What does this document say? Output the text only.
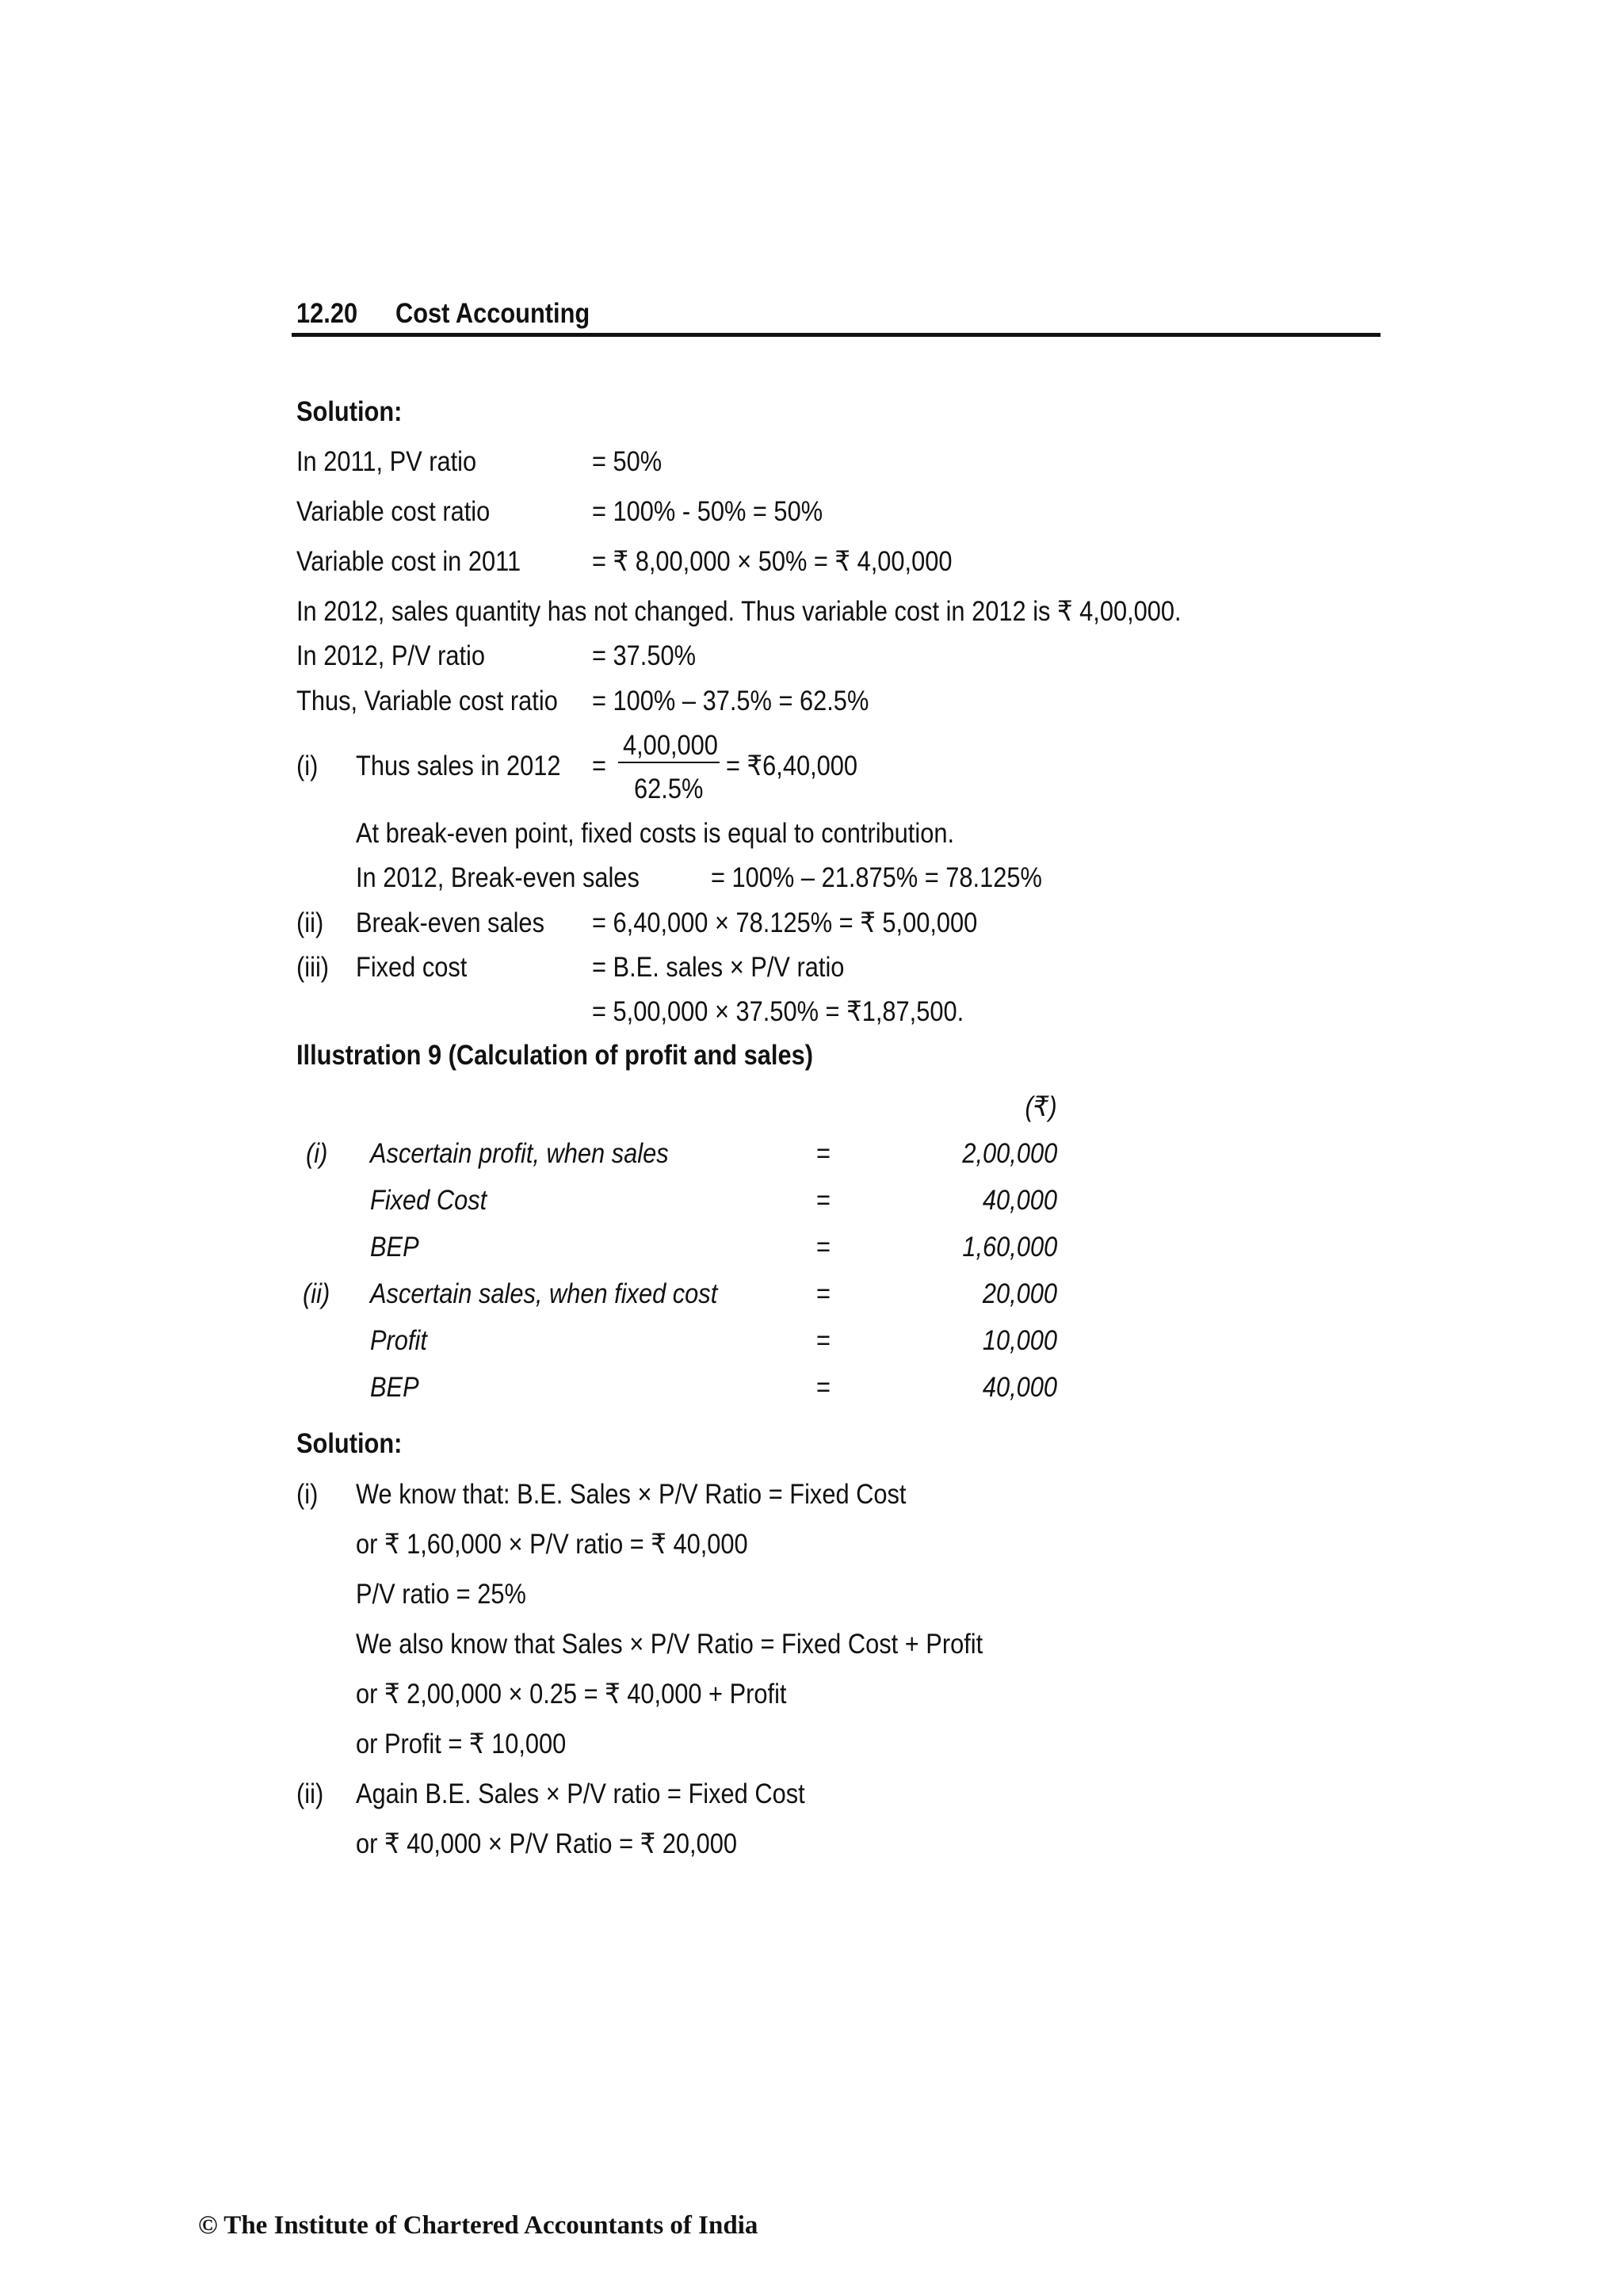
12.20 Cost Accounting
Solution:
In 2011, PV ratio	= 50%
Variable cost ratio	= 100% - 50% = 50%
Variable cost in 2011	= ₹ 8,00,000 × 50% = ₹ 4,00,000
In 2012, sales quantity has not changed. Thus variable cost in 2012 is ₹ 4,00,000.
In 2012, P/V ratio	= 37.50%
Thus, Variable cost ratio = 100% – 37.5% = 62.5%
(i) Thus sales in 2012 =
4,00,000
62.5%
= ₹6,40,000
At break-even point, fixed costs is equal to contribution.
In 2012, Break-even sales	= 100% – 21.875% = 78.125%
(ii) Break-even sales = 6,40,000 × 78.125% = ₹ 5,00,000
(iii) Fixed cost	= B.E. sales × P/V ratio
= 5,00,000 × 37.50% = ₹1,87,500.
Illustration 9 (Calculation of profit and sales)
(₹)
(i) Ascertain profit, when sales	=	2,00,000
Fixed Cost	=	40,000
BEP	=	1,60,000
(ii) Ascertain sales, when fixed cost	=	20,000
Profit	=	10,000
BEP	=	40,000
Solution:
(i) We know that: B.E. Sales × P/V Ratio = Fixed Cost
or ₹ 1,60,000 × P/V ratio = ₹ 40,000
P/V ratio = 25%
We also know that Sales × P/V Ratio = Fixed Cost + Profit
or ₹ 2,00,000 × 0.25 = ₹ 40,000 + Profit
or Profit = ₹ 10,000
(ii) Again B.E. Sales × P/V ratio = Fixed Cost
or ₹ 40,000 × P/V Ratio = ₹ 20,000
© The Institute of Chartered Accountants of India
